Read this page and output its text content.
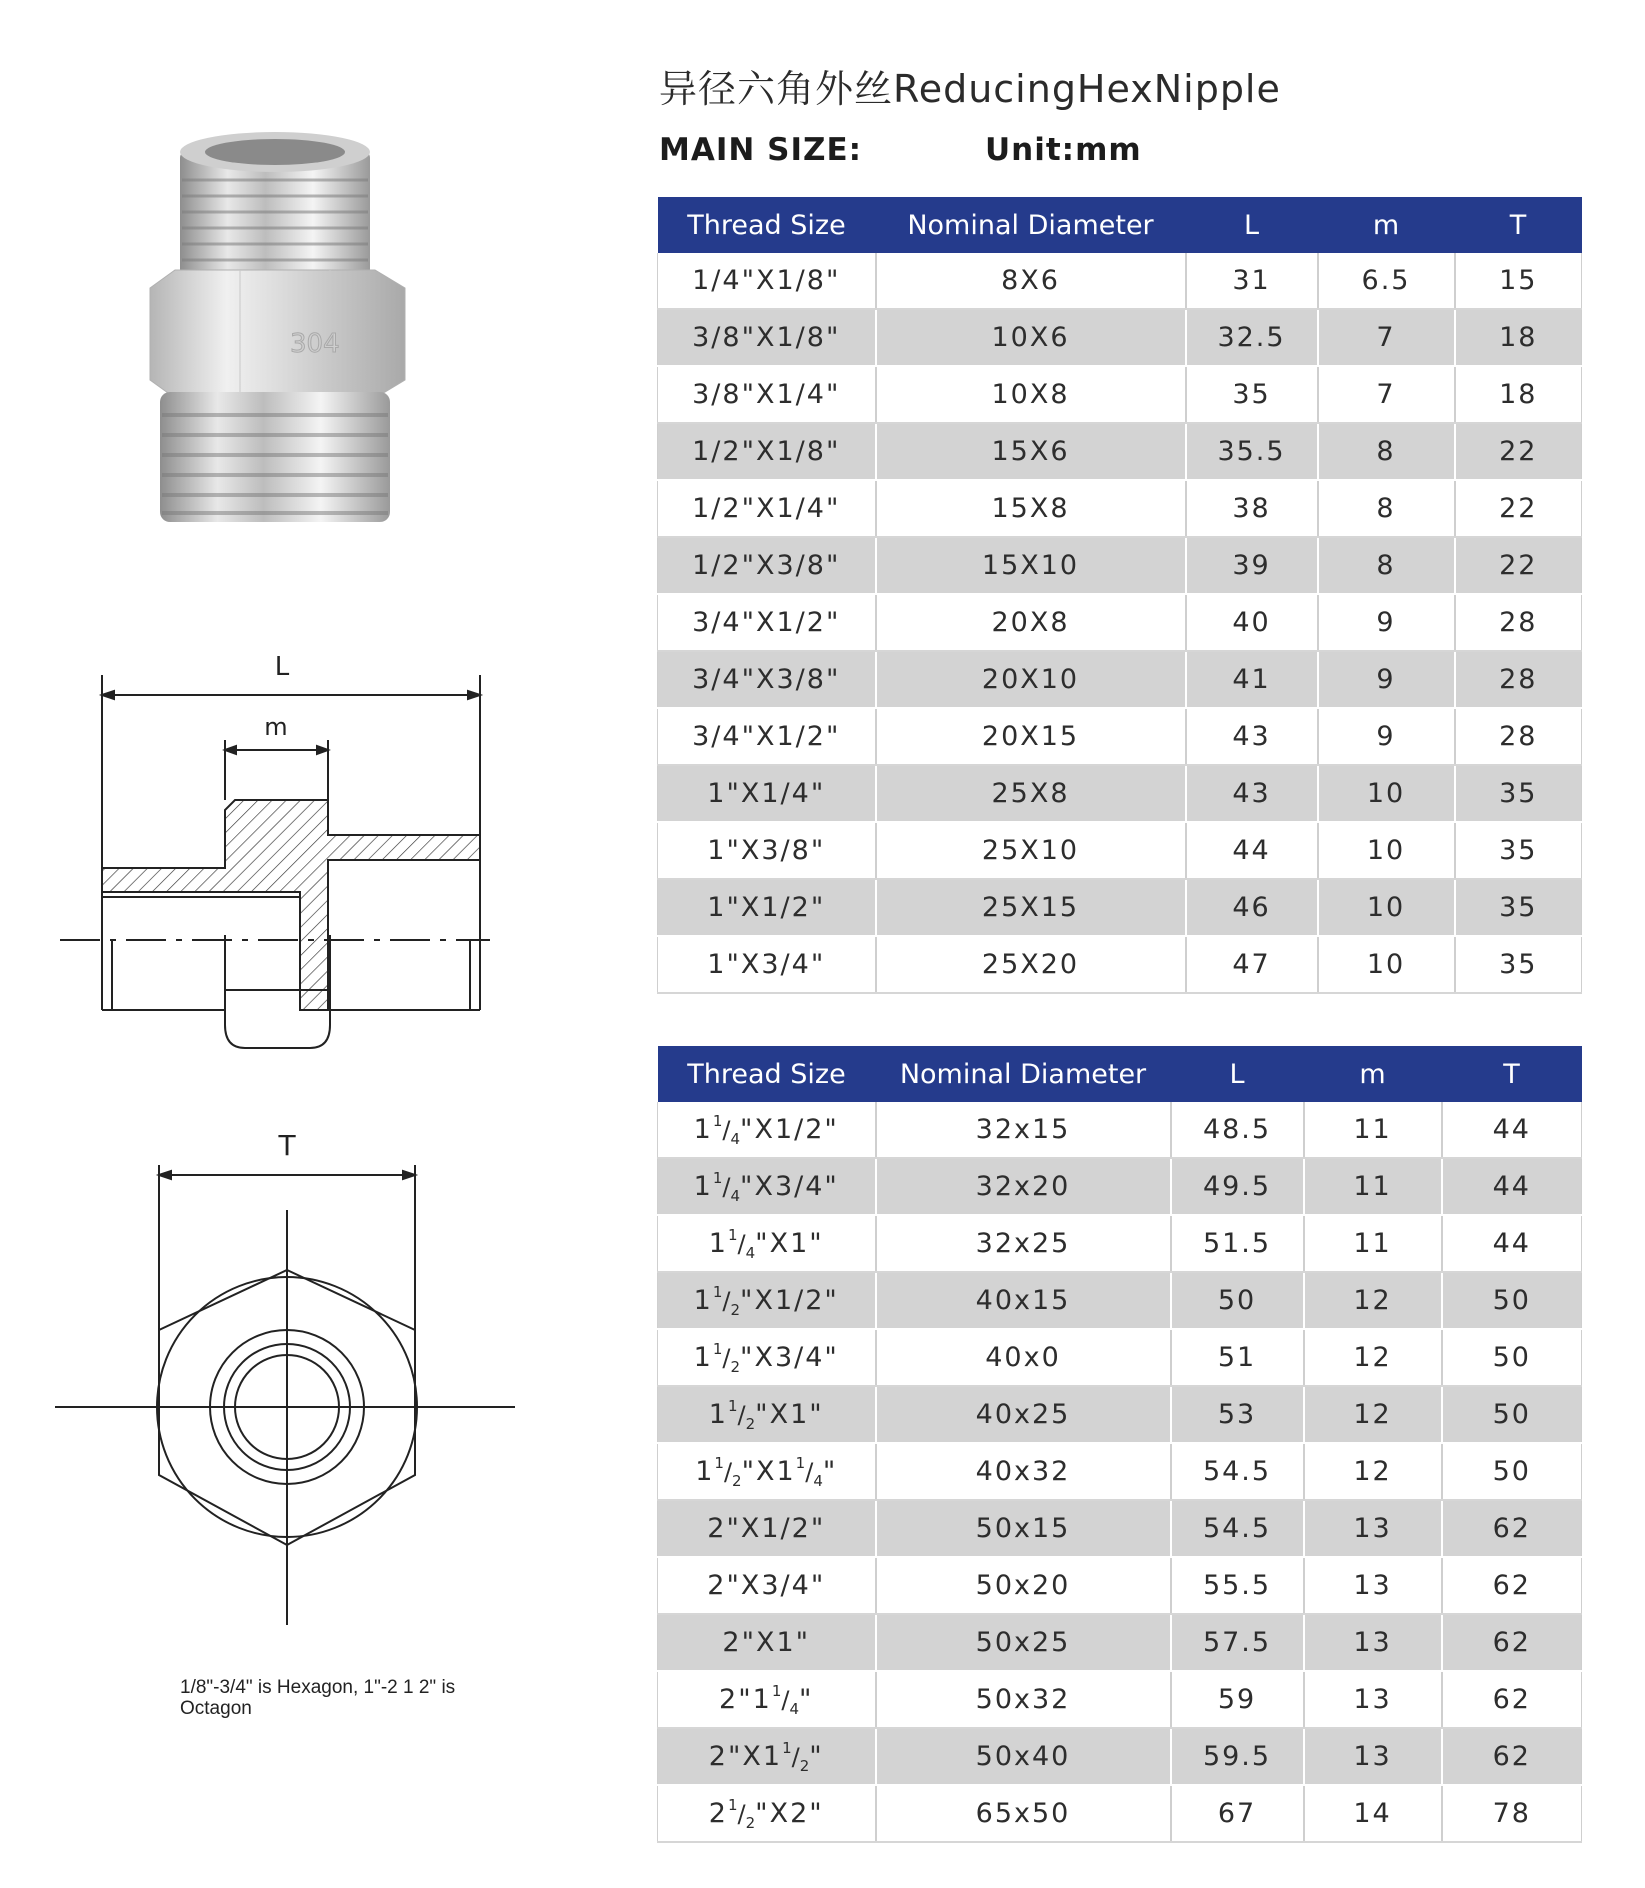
异径六角外丝ReducingHexNipple
MAIN SIZE:	Unit:mm
304
L
m
T
1/8"-3/4" is Hexagon, 1"-2 1 2" is Octagon
Thread Size	Nominal Diameter	L	m	T
1/4"X1/8"	8X6	31	6.5	15
3/8"X1/8"	10X6	32.5	7	18
3/8"X1/4"	10X8	35	7	18
1/2"X1/8"	15X6	35.5	8	22
1/2"X1/4"	15X8	38	8	22
1/2"X3/8"	15X10	39	8	22
3/4"X1/2"	20X8	40	9	28
3/4"X3/8"	20X10	41	9	28
3/4"X1/2"	20X15	43	9	28
1"X1/4"	25X8	43	10	35
1"X3/8"	25X10	44	10	35
1"X1/2"	25X15	46	10	35
1"X3/4"	25X20	47	10	35
Thread Size	Nominal Diameter	L	m	T
$1^1/_4"X1/2$"	32x15	48.5	11	44
$1^1/_4"X3/4$"	32x20	49.5	11	44
$1^1/_4"X1$"	32x25	51.5	11	44
$1^1/_2"X1/2$"	40x15	50	12	50
$1^1/_2"X3/4$"	40x0	51	12	50
$1^1/_2"X1$"	40x25	53	12	50
$1^1/_2"X1^1/_4$"	40x32	54.5	12	50
2"X1/2"	50x15	54.5	13	62
2"X3/4"	50x20	55.5	13	62
2"X1"	50x25	57.5	13	62
$2"1^1/_4$"	50x32	59	13	62
$2"X1^1/_2$"	50x40	59.5	13	62
$2^1/_2"X2$"	65x50	67	14	78
